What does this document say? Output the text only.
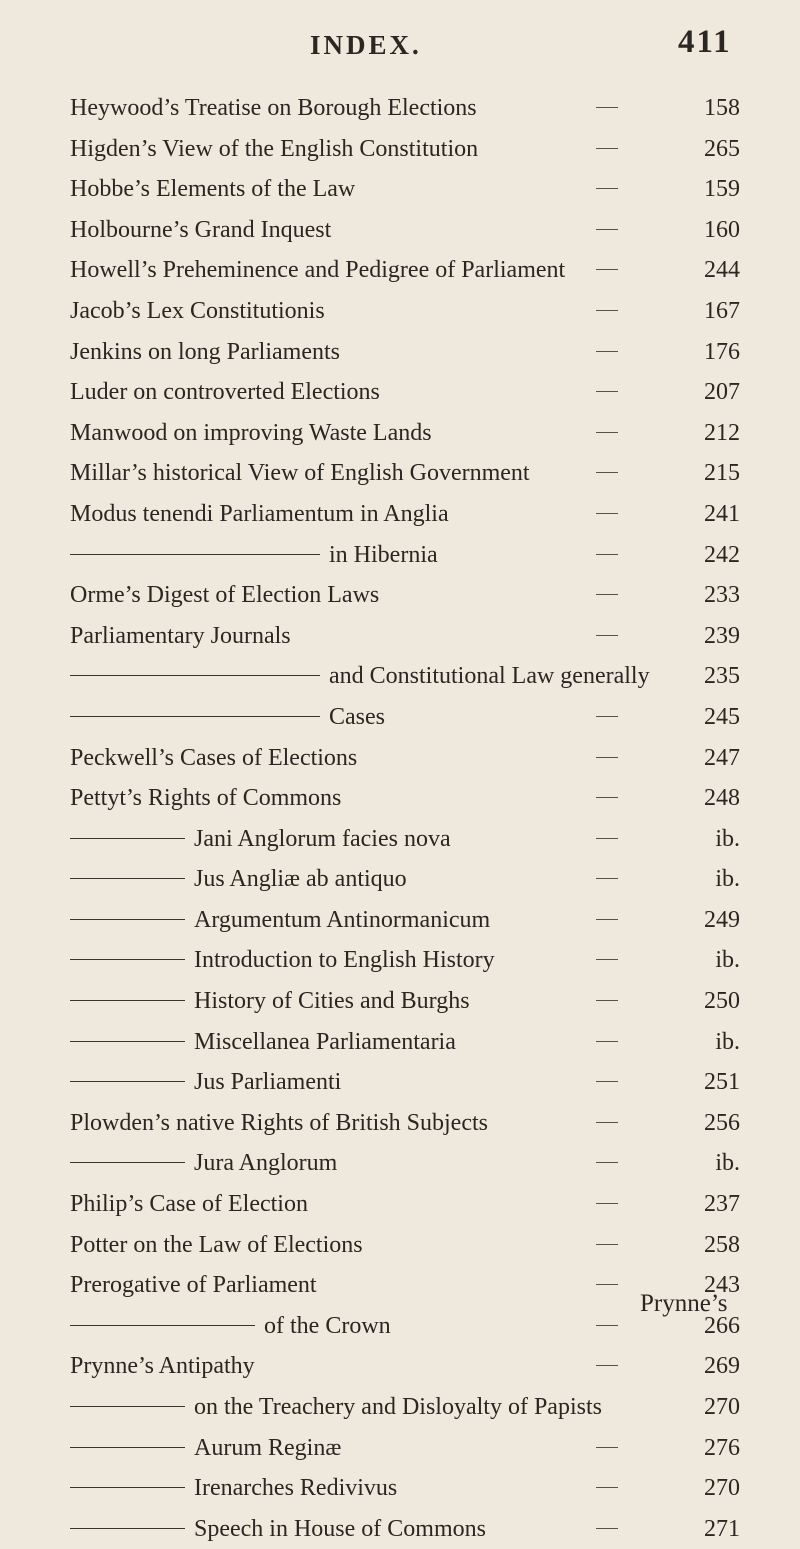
INDEX.	411
Heywood’s Treatise on Borough Elections	158
Higden’s View of the English Constitution	265
Hobbe’s Elements of the Law	159
Holbourne’s Grand Inquest	160
Howell’s Preheminence and Pedigree of Parliament	244
Jacob’s Lex Constitutionis	167
Jenkins on long Parliaments	176
Luder on controverted Elections	207
Manwood on improving Waste Lands	212
Millar’s historical View of English Government	215
Modus tenendi Parliamentum in Anglia	241
in Hibernia	242
Orme’s Digest of Election Laws	233
Parliamentary Journals	239
and Constitutional Law generally	235
Cases	245
Peckwell’s Cases of Elections	247
Pettyt’s Rights of Commons	248
Jani Anglorum facies nova	ib.
Jus Angliæ ab antiquo	ib.
Argumentum Antinormanicum	249
Introduction to English History	ib.
History of Cities and Burghs	250
Miscellanea Parliamentaria	ib.
Jus Parliamenti	251
Plowden’s native Rights of British Subjects	256
Jura Anglorum	ib.
Philip’s Case of Election	237
Potter on the Law of Elections	258
Prerogative of Parliament	243
of the Crown	266
Prynne’s Antipathy	269
on the Treachery and Disloyalty of Papists	270
Aurum Reginæ	276
Irenarches Redivivus	270
Speech in House of Commons	271
Prynne’s
